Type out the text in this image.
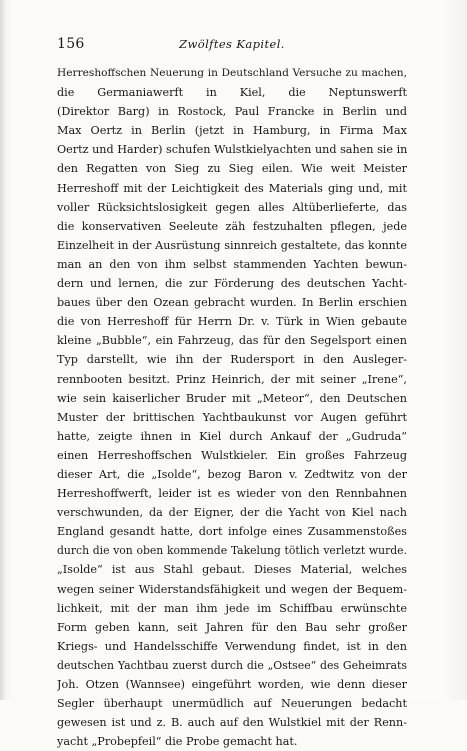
156	Zwölftes Kapitel.
Herreshoffschen Neuerung in Deutschland Versuche zu machen,
die Germaniawerft in Kiel, die Neptunswerft
(Direktor Barg) in Rostock, Paul Francke in Berlin und
Max Oertz in Berlin (jetzt in Hamburg, in Firma Max
Oertz und Harder) schufen Wulstkielyachten und sahen sie in
den Regatten von Sieg zu Sieg eilen. Wie weit Meister
Herreshoff mit der Leichtigkeit des Materials ging und, mit
voller Rücksichtslosigkeit gegen alles Altüberlieferte, das
die konservativen Seeleute zäh festzuhalten pflegen, jede
Einzelheit in der Ausrüstung sinnreich gestaltete, das konnte
man an den von ihm selbst stammenden Yachten bewun-
dern und lernen, die zur Förderung des deutschen Yacht-
baues über den Ozean gebracht wurden. In Berlin erschien
die von Herreshoff für Herrn Dr. v. Türk in Wien gebaute
kleine „Bubble“, ein Fahrzeug, das für den Segelsport einen
Typ darstellt, wie ihn der Rudersport in den Ausleger-
rennbooten besitzt. Prinz Heinrich, der mit seiner „Irene“,
wie sein kaiserlicher Bruder mit „Meteor“, den Deutschen
Muster der brittischen Yachtbaukunst vor Augen geführt
hatte, zeigte ihnen in Kiel durch Ankauf der „Gudruda“
einen Herreshoffschen Wulstkieler. Ein großes Fahrzeug
dieser Art, die „Isolde“, bezog Baron v. Zedtwitz von der
Herreshoffwerft, leider ist es wieder von den Rennbahnen
verschwunden, da der Eigner, der die Yacht von Kiel nach
England gesandt hatte, dort infolge eines Zusammenstoßes
durch die von oben kommende Takelung tötlich verletzt wurde.
„Isolde“ ist aus Stahl gebaut. Dieses Material, welches
wegen seiner Widerstandsfähigkeit und wegen der Bequem-
lichkeit, mit der man ihm jede im Schiffbau erwünschte
Form geben kann, seit Jahren für den Bau sehr großer
Kriegs- und Handelsschiffe Verwendung findet, ist in den
deutschen Yachtbau zuerst durch die „Ostsee“ des Geheimrats
Joh. Otzen (Wannsee) eingeführt worden, wie denn dieser
Segler überhaupt unermüdlich auf Neuerungen bedacht
gewesen ist und z. B. auch auf den Wulstkiel mit der Renn-
yacht „Probepfeil“ die Probe gemacht hat.
